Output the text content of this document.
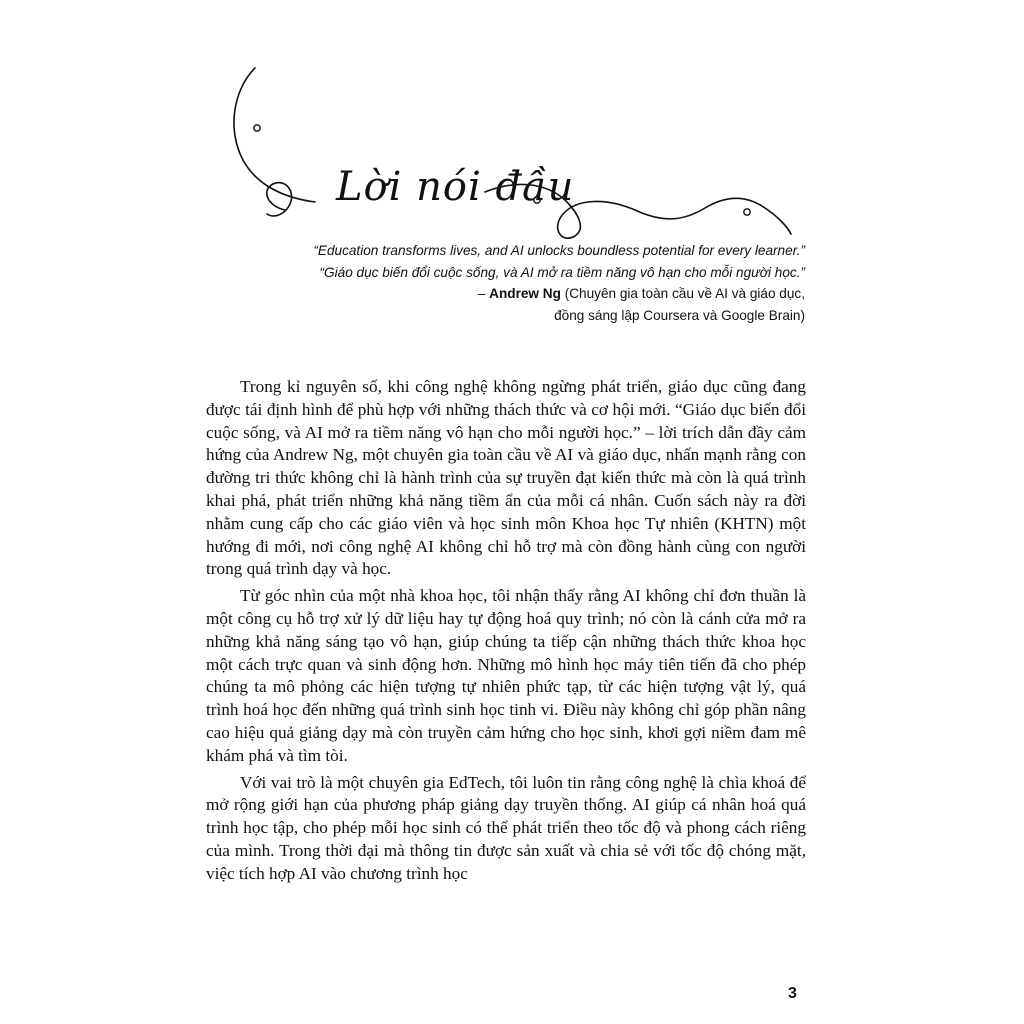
Lời nói đầu
“Education transforms lives, and AI unlocks boundless potential for every learner.”
“Giáo dục biến đổi cuộc sống, và AI mở ra tiềm năng vô hạn cho mỗi người học.”
– Andrew Ng (Chuyên gia toàn cầu về AI và giáo dục,
đồng sáng lập Coursera và Google Brain)

Trong kỉ nguyên số, khi công nghệ không ngừng phát triển, giáo dục cũng đang được tái định hình để phù hợp với những thách thức và cơ hội mới. “Giáo dục biến đổi cuộc sống, và AI mở ra tiềm năng vô hạn cho mỗi người học.” – lời trích dẫn đầy cảm hứng của Andrew Ng, một chuyên gia toàn cầu về AI và giáo dục, nhấn mạnh rằng con đường tri thức không chỉ là hành trình của sự truyền đạt kiến thức mà còn là quá trình khai phá, phát triển những khả năng tiềm ẩn của mỗi cá nhân. Cuốn sách này ra đời nhằm cung cấp cho các giáo viên và học sinh môn Khoa học Tự nhiên (KHTN) một hướng đi mới, nơi công nghệ AI không chỉ hỗ trợ mà còn đồng hành cùng con người trong quá trình dạy và học.

Từ góc nhìn của một nhà khoa học, tôi nhận thấy rằng AI không chỉ đơn thuần là một công cụ hỗ trợ xử lý dữ liệu hay tự động hoá quy trình; nó còn là cánh cửa mở ra những khả năng sáng tạo vô hạn, giúp chúng ta tiếp cận những thách thức khoa học một cách trực quan và sinh động hơn. Những mô hình học máy tiên tiến đã cho phép chúng ta mô phỏng các hiện tượng tự nhiên phức tạp, từ các hiện tượng vật lý, quá trình hoá học đến những quá trình sinh học tinh vi. Điều này không chỉ góp phần nâng cao hiệu quả giảng dạy mà còn truyền cảm hứng cho học sinh, khơi gợi niềm đam mê khám phá và tìm tòi.

Với vai trò là một chuyên gia EdTech, tôi luôn tin rằng công nghệ là chìa khoá để mở rộng giới hạn của phương pháp giảng dạy truyền thống. AI giúp cá nhân hoá quá trình học tập, cho phép mỗi học sinh có thể phát triển theo tốc độ và phong cách riêng của mình. Trong thời đại mà thông tin được sản xuất và chia sẻ với tốc độ chóng mặt, việc tích hợp AI vào chương trình học

3
